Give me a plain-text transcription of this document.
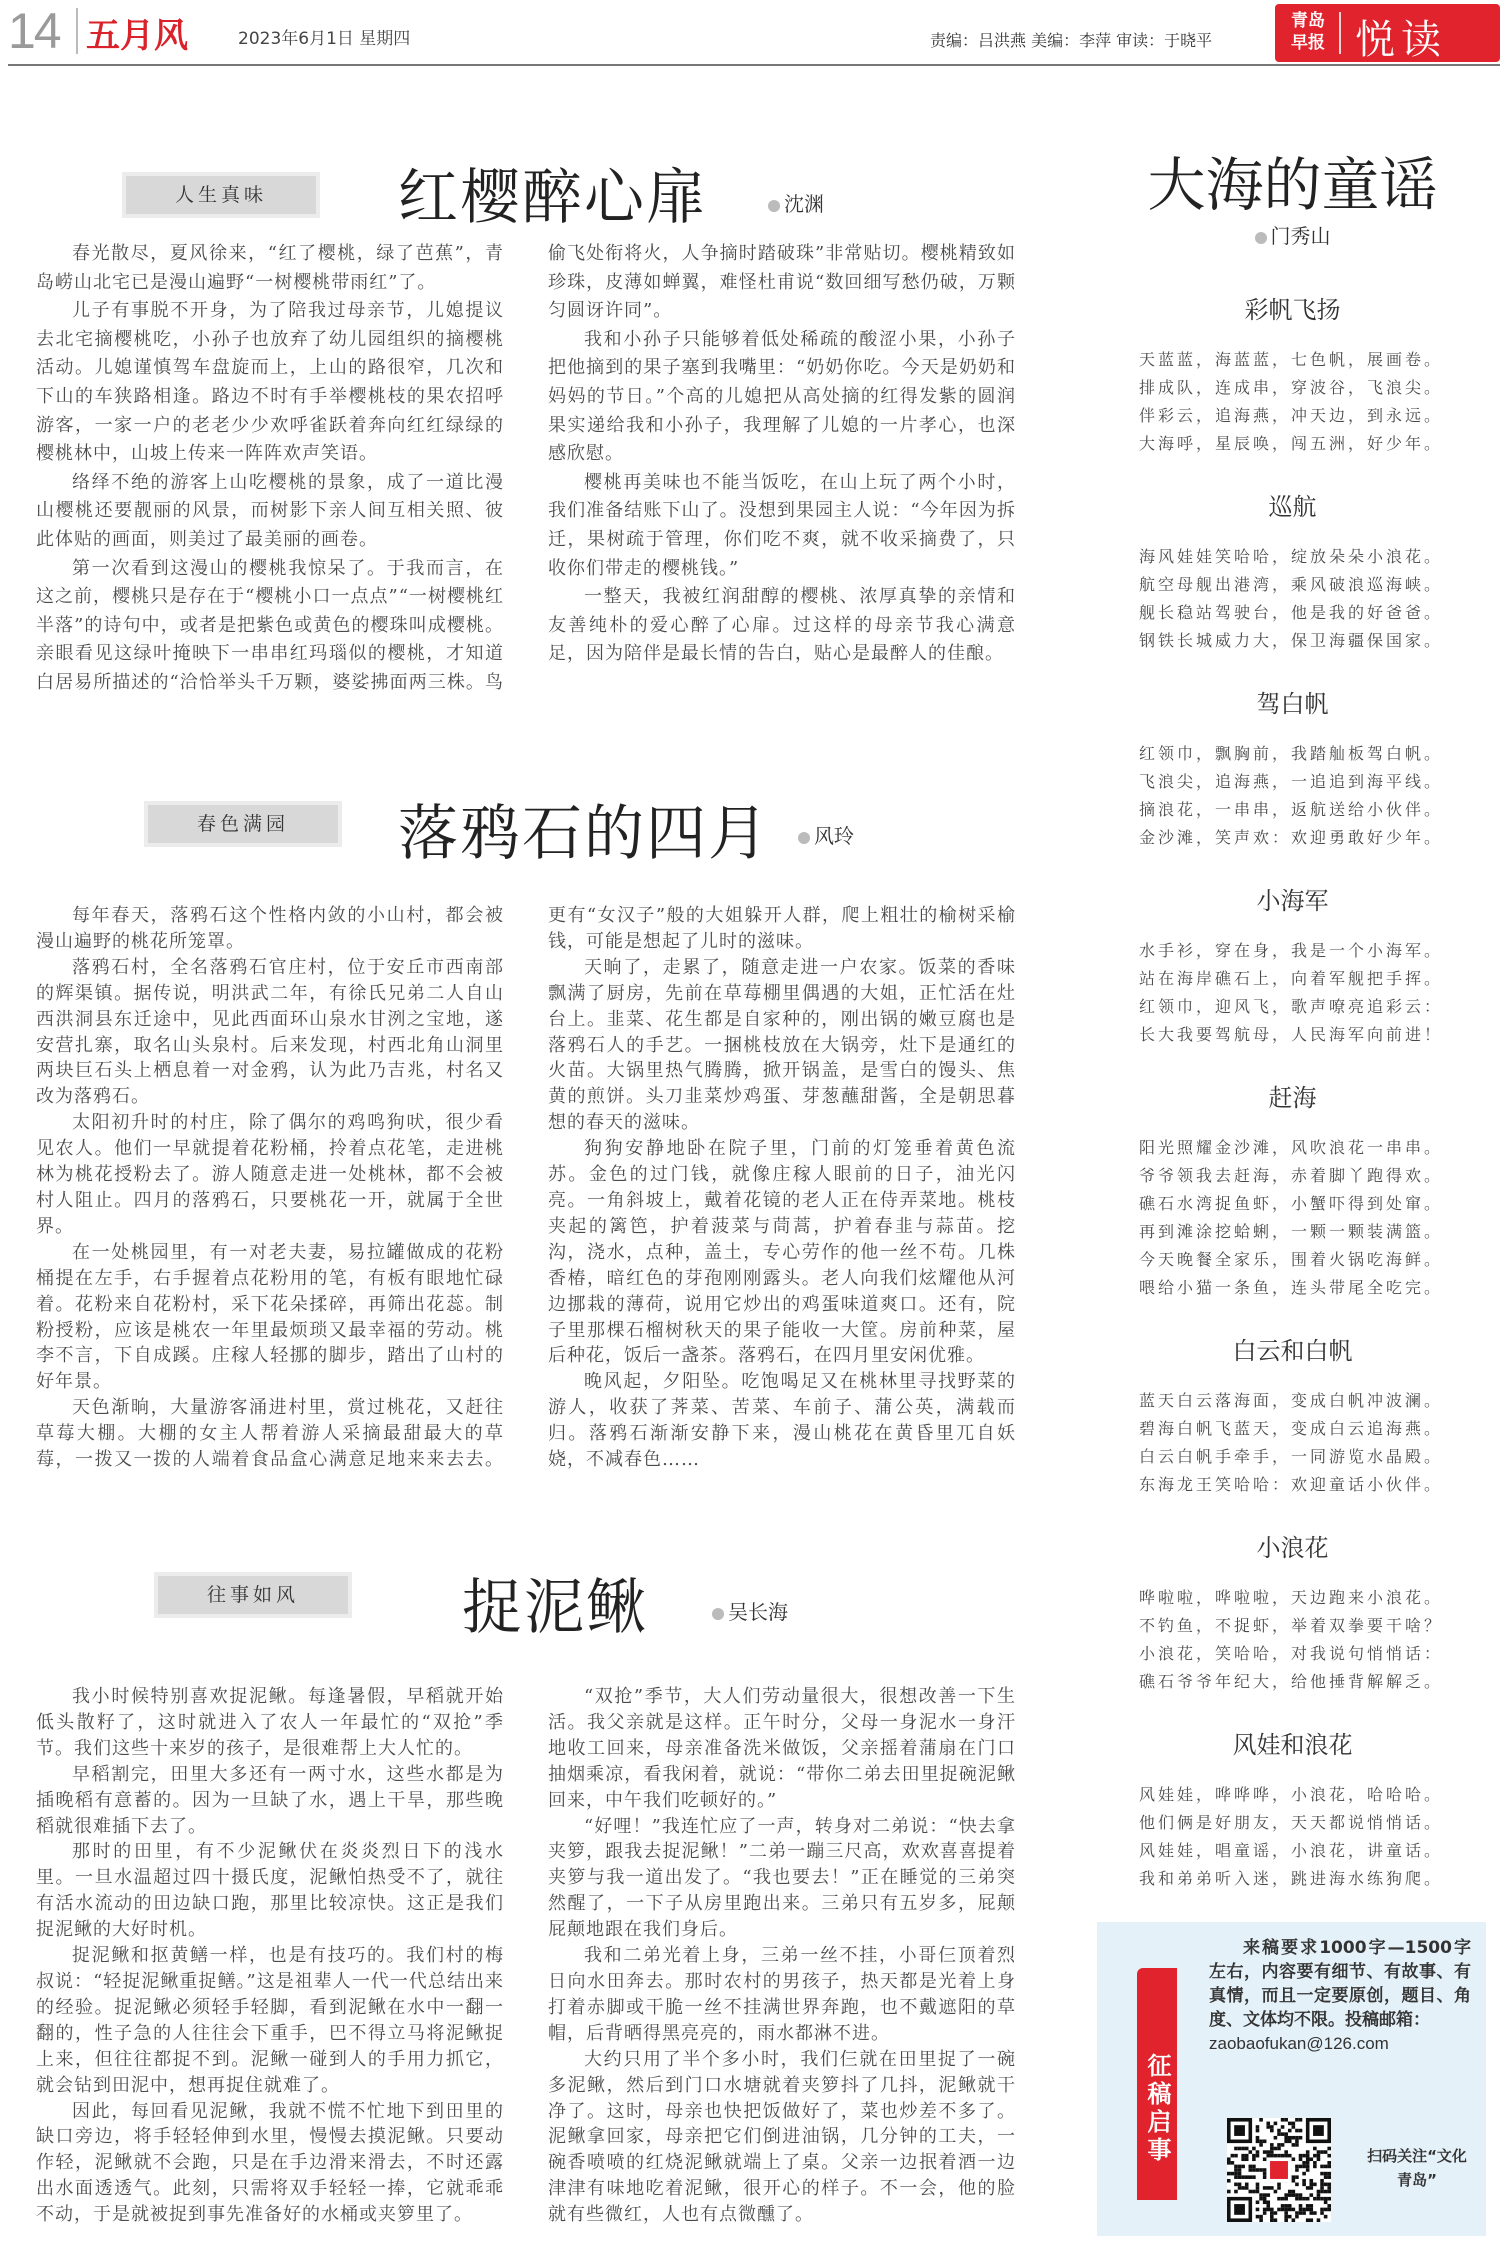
14 五月风	2023年6月1日 星期四	责编：吕洪燕 美编：李萍 审读：于晓平
青岛早报 悦读
人生真味	红樱醉心扉	沈渊

春光散尽，夏风徐来，“红了樱桃，绿了芭蕉”，青岛崂山北宅已是漫山遍野“一树樱桃带雨红”了。

儿子有事脱不开身，为了陪我过母亲节，儿媳提议去北宅摘樱桃吃，小孙子也放弃了幼儿园组织的摘樱桃活动。儿媳谨慎驾车盘旋而上，上山的路很窄，几次和下山的车狭路相逢。路边不时有手举樱桃枝的果农招呼游客，一家一户的老老少少欢呼雀跃着奔向红红绿绿的樱桃林中，山坡上传来一阵阵欢声笑语。

络绎不绝的游客上山吃樱桃的景象，成了一道比漫山樱桃还要靓丽的风景，而树影下亲人间互相关照、彼此体贴的画面，则美过了最美丽的画卷。

第一次看到这漫山的樱桃我惊呆了。于我而言，在这之前，樱桃只是存在于“樱桃小口一点点”“一树樱桃红半落”的诗句中，或者是把紫色或黄色的樱珠叫成樱桃。亲眼看见这绿叶掩映下一串串红玛瑙似的樱桃，才知道白居易所描述的“洽恰举头千万颗，婆娑拂面两三株。鸟偷飞处衔将火，人争摘时踏破珠”非常贴切。樱桃精致如珍珠，皮薄如蝉翼，难怪杜甫说“数回细写愁仍破，万颗匀圆讶许同”。

我和小孙子只能够着低处稀疏的酸涩小果，小孙子把他摘到的果子塞到我嘴里：“奶奶你吃。今天是奶奶和妈妈的节日。”个高的儿媳把从高处摘的红得发紫的圆润果实递给我和小孙子，我理解了儿媳的一片孝心，也深感欣慰。

樱桃再美味也不能当饭吃，在山上玩了两个小时，我们准备结账下山了。没想到果园主人说：“今年因为拆迁，果树疏于管理，你们吃不爽，就不收采摘费了，只收你们带走的樱桃钱。”

一整天，我被红润甜醇的樱桃、浓厚真挚的亲情和友善纯朴的爱心醉了心扉。过这样的母亲节我心满意足，因为陪伴是最长情的告白，贴心是最醉人的佳酿。

春色满园	落鸦石的四月	风玲

每年春天，落鸦石这个性格内敛的小山村，都会被漫山遍野的桃花所笼罩。

落鸦石村，全名落鸦石官庄村，位于安丘市西南部的辉渠镇。据传说，明洪武二年，有徐氏兄弟二人自山西洪洞县东迁途中，见此西面环山泉水甘洌之宝地，遂安营扎寨，取名山头泉村。后来发现，村西北角山洞里两块巨石头上栖息着一对金鸦，认为此乃吉兆，村名又改为落鸦石。

太阳初升时的村庄，除了偶尔的鸡鸣狗吠，很少看见农人。他们一早就提着花粉桶，拎着点花笔，走进桃林为桃花授粉去了。游人随意走进一处桃林，都不会被村人阻止。四月的落鸦石，只要桃花一开，就属于全世界。

在一处桃园里，有一对老夫妻，易拉罐做成的花粉桶提在左手，右手握着点花粉用的笔，有板有眼地忙碌着。花粉来自花粉村，采下花朵揉碎，再筛出花蕊。制粉授粉，应该是桃农一年里最烦琐又最幸福的劳动。桃李不言，下自成蹊。庄稼人轻挪的脚步，踏出了山村的好年景。

天色渐晌，大量游客涌进村里，赏过桃花，又赶往草莓大棚。大棚的女主人帮着游人采摘最甜最大的草莓，一拨又一拨的人端着食品盒心满意足地来来去去。更有“女汉子”般的大姐躲开人群，爬上粗壮的榆树采榆钱，可能是想起了儿时的滋味。

天晌了，走累了，随意走进一户农家。饭菜的香味飘满了厨房，先前在草莓棚里偶遇的大姐，正忙活在灶台上。韭菜、花生都是自家种的，刚出锅的嫩豆腐也是落鸦石人的手艺。一捆桃枝放在大锅旁，灶下是通红的火苗。大锅里热气腾腾，掀开锅盖，是雪白的馒头、焦黄的煎饼。头刀韭菜炒鸡蛋、芽葱蘸甜酱，全是朝思暮想的春天的滋味。

狗狗安静地卧在院子里，门前的灯笼垂着黄色流苏。金色的过门钱，就像庄稼人眼前的日子，油光闪亮。一角斜坡上，戴着花镜的老人正在侍弄菜地。桃枝夹起的篱笆，护着菠菜与茼蒿，护着春韭与蒜苗。挖沟，浇水，点种，盖土，专心劳作的他一丝不苟。几株香椿，暗红色的芽孢刚刚露头。老人向我们炫耀他从河边挪栽的薄荷，说用它炒出的鸡蛋味道爽口。还有，院子里那棵石榴树秋天的果子能收一大筐。房前种菜，屋后种花，饭后一盏茶。落鸦石，在四月里安闲优雅。

晚风起，夕阳坠。吃饱喝足又在桃林里寻找野菜的游人，收获了荠菜、苦菜、车前子、蒲公英，满载而归。落鸦石渐渐安静下来，漫山桃花在黄昏里兀自妖娆，不减春色……

往事如风	捉泥鳅	吴长海

我小时候特别喜欢捉泥鳅。每逢暑假，早稻就开始低头散籽了，这时就进入了农人一年最忙的“双抢”季节。我们这些十来岁的孩子，是很难帮上大人忙的。

早稻割完，田里大多还有一两寸水，这些水都是为插晚稻有意蓄的。因为一旦缺了水，遇上干旱，那些晚稻就很难插下去了。

那时的田里，有不少泥鳅伏在炎炎烈日下的浅水里。一旦水温超过四十摄氏度，泥鳅怕热受不了，就往有活水流动的田边缺口跑，那里比较凉快。这正是我们捉泥鳅的大好时机。

捉泥鳅和抠黄鳝一样，也是有技巧的。我们村的梅叔说：“轻捉泥鳅重捉鳝。”这是祖辈人一代一代总结出来的经验。捉泥鳅必须轻手轻脚，看到泥鳅在水中一翻一翻的，性子急的人往往会下重手，巴不得立马将泥鳅捉上来，但往往都捉不到。泥鳅一碰到人的手用力抓它，就会钻到田泥中，想再捉住就难了。

因此，每回看见泥鳅，我就不慌不忙地下到田里的缺口旁边，将手轻轻伸到水里，慢慢去摸泥鳅。只要动作轻，泥鳅就不会跑，只是在手边滑来滑去，不时还露出水面透透气。此刻，只需将双手轻轻一捧，它就乖乖不动，于是就被捉到事先准备好的水桶或夹箩里了。

“双抢”季节，大人们劳动量很大，很想改善一下生活。我父亲就是这样。正午时分，父母一身泥水一身汗地收工回来，母亲准备洗米做饭，父亲摇着蒲扇在门口抽烟乘凉，看我闲着，就说：“带你二弟去田里捉碗泥鳅回来，中午我们吃顿好的。”

“好哩！”我连忙应了一声，转身对二弟说：“快去拿夹箩，跟我去捉泥鳅！”二弟一蹦三尺高，欢欢喜喜提着夹箩与我一道出发了。“我也要去！”正在睡觉的三弟突然醒了，一下子从房里跑出来。三弟只有五岁多，屁颠屁颠地跟在我们身后。

我和二弟光着上身，三弟一丝不挂，小哥仨顶着烈日向水田奔去。那时农村的男孩子，热天都是光着上身打着赤脚或干脆一丝不挂满世界奔跑，也不戴遮阳的草帽，后背晒得黑亮亮的，雨水都淋不进。

大约只用了半个多小时，我们仨就在田里捉了一碗多泥鳅，然后到门口水塘就着夹箩抖了几抖，泥鳅就干净了。这时，母亲也快把饭做好了，菜也炒差不多了。泥鳅拿回家，母亲把它们倒进油锅，几分钟的工夫，一碗香喷喷的红烧泥鳅就端上了桌。父亲一边抿着酒一边津津有味地吃着泥鳅，很开心的样子。不一会，他的脸就有些微红，人也有点微醺了。

大海的童谣
门秀山
彩帆飞扬
天蓝蓝，海蓝蓝，七色帆，展画卷。
排成队，连成串，穿波谷，飞浪尖。
伴彩云，追海燕，冲天边，到永远。
大海呼，星辰唤，闯五洲，好少年。
巡航
海风娃娃笑哈哈，绽放朵朵小浪花。
航空母舰出港湾，乘风破浪巡海峡。
舰长稳站驾驶台，他是我的好爸爸。
钢铁长城威力大，保卫海疆保国家。
驾白帆
红领巾，飘胸前，我踏舢板驾白帆。
飞浪尖，追海燕，一追追到海平线。
摘浪花，一串串，返航送给小伙伴。
金沙滩，笑声欢：欢迎勇敢好少年。
小海军
水手衫，穿在身，我是一个小海军。
站在海岸礁石上，向着军舰把手挥。
红领巾，迎风飞，歌声嘹亮追彩云：
长大我要驾航母，人民海军向前进！
赶海
阳光照耀金沙滩，风吹浪花一串串。
爷爷领我去赶海，赤着脚丫跑得欢。
礁石水湾捉鱼虾，小蟹吓得到处窜。
再到滩涂挖蛤蜊，一颗一颗装满篮。
今天晚餐全家乐，围着火锅吃海鲜。
喂给小猫一条鱼，连头带尾全吃完。
白云和白帆
蓝天白云落海面，变成白帆冲波澜。
碧海白帆飞蓝天，变成白云追海燕。
白云白帆手牵手，一同游览水晶殿。
东海龙王笑哈哈：欢迎童话小伙伴。
小浪花
哗啦啦，哗啦啦，天边跑来小浪花。
不钓鱼，不捉虾，举着双拳要干啥？
小浪花，笑哈哈，对我说句悄悄话：
礁石爷爷年纪大，给他捶背解解乏。
风娃和浪花
风娃娃，哗哗哗，小浪花，哈哈哈。
他们俩是好朋友，天天都说悄悄话。
风娃娃，唱童谣，小浪花，讲童话。
我和弟弟听入迷，跳进海水练狗爬。
征稿启事
来稿要求1000字—1500字左右，内容要有细节、有故事、有真情，而且一定要原创，题目、角度、文体均不限。投稿邮箱：
zaobaofukan@126.com
扫码关注“文化青岛”
